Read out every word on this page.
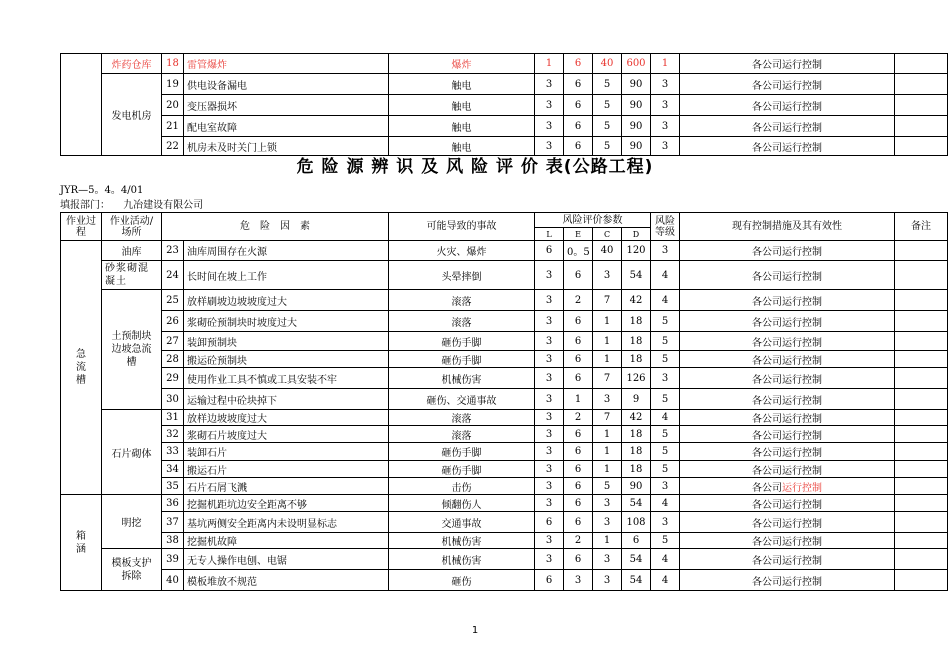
	炸药仓库	18	雷管爆炸	爆炸	1	6	40	600	1	各公司运行控制	
	发电机房	19	供电设备漏电	触电	3	6	5	90	3	各公司运行控制	
		20	变压器损坏	触电	3	6	5	90	3	各公司运行控制	
		21	配电室故障	触电	3	6	5	90	3	各公司运行控制	
		22	机房未及时关门上锁	触电	3	6	5	90	3	各公司运行控制	
危 险 源 辨 识 及 风 险 评 价 表(公路工程)
JYR—5。4。4/01
填报部门： 九冶建设有限公司
作业过程	作业活动/场所	危　险　因　素		可能导致的事故	风险评价参数				风险等级	现有控制措施及其有效性	备注
					L	E	C	D			
急流槽	油库	23	油库周围存在火源	火灾、爆炸	6	0。5	40	120	3	各公司运行控制	
	砂浆砌混凝土	24	长时间在坡上工作	头晕摔倒	3	6	3	54	4	各公司运行控制	
	土预制块边坡急流槽	25	放样刷坡边坡坡度过大	滚落	3	2	7	42	4	各公司运行控制	
		26	浆砌砼预制块时坡度过大	滚落	3	6	1	18	5	各公司运行控制	
		27	装卸预制块	砸伤手脚	3	6	1	18	5	各公司运行控制	
		28	搬运砼预制块	砸伤手脚	3	6	1	18	5	各公司运行控制	
		29	使用作业工具不慎或工具安装不牢	机械伤害	3	6	7	126	3	各公司运行控制	
		30	运输过程中砼块掉下	砸伤、交通事故	3	1	3	9	5	各公司运行控制	
	石片砌体	31	放样边坡坡度过大	滚落	3	2	7	42	4	各公司运行控制	
		32	浆砌石片坡度过大	滚落	3	6	1	18	5	各公司运行控制	
		33	装卸石片	砸伤手脚	3	6	1	18	5	各公司运行控制	
		34	搬运石片	砸伤手脚	3	6	1	18	5	各公司运行控制	
		35	石片石屑飞溅	击伤	3	6	5	90	3	各公司运行控制	
箱涵	明挖	36	挖掘机距坑边安全距离不够	倾翻伤人	3	6	3	54	4	各公司运行控制	
		37	基坑两侧安全距离内未设明显标志	交通事故	6	6	3	108	3	各公司运行控制	
		38	挖掘机故障	机械伤害	3	2	1	6	5	各公司运行控制	
	模板支护拆除	39	无专人操作电刨、电锯	机械伤害	3	6	3	54	4	各公司运行控制	
		40	模板堆放不规范	砸伤	6	3	3	54	4	各公司运行控制	
1
